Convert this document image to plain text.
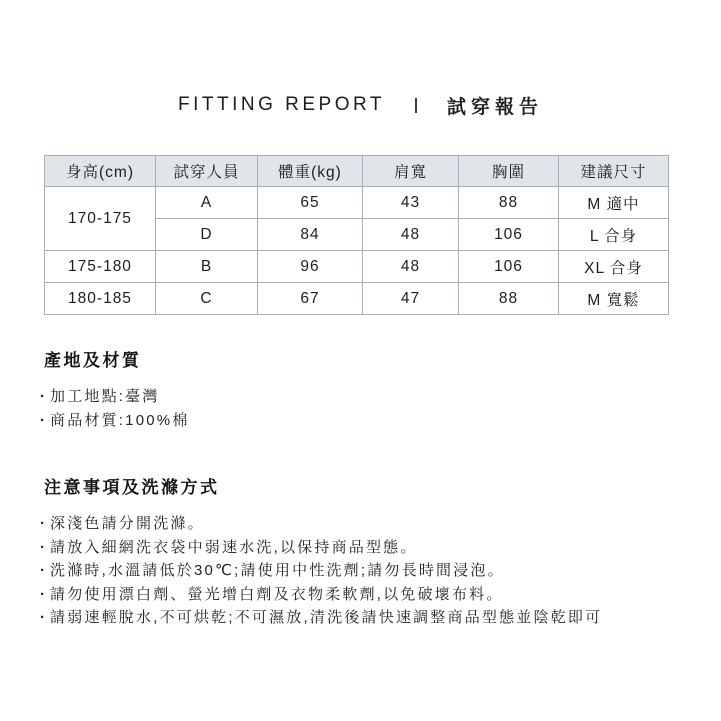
FITTING REPORT	試穿報告
身高(cm)	試穿人員	體重(kg)	肩寬	胸圍	建議尺寸
170-175	A	65	43	88	M 適中
	D	84	48	106	L 合身
175-180	B	96	48	106	XL 合身
180-185	C	67	47	88	M 寬鬆
產地及材質
· 加工地點:臺灣
· 商品材質:100%棉
注意事項及洗滌方式
· 深淺色請分開洗滌。
· 請放入細網洗衣袋中弱速水洗,以保持商品型態。
· 洗滌時,水溫請低於30℃;請使用中性洗劑;請勿長時間浸泡。
· 請勿使用漂白劑、螢光增白劑及衣物柔軟劑,以免破壞布料。
· 請弱速輕脫水,不可烘乾;不可濕放,清洗後請快速調整商品型態並陰乾即可
